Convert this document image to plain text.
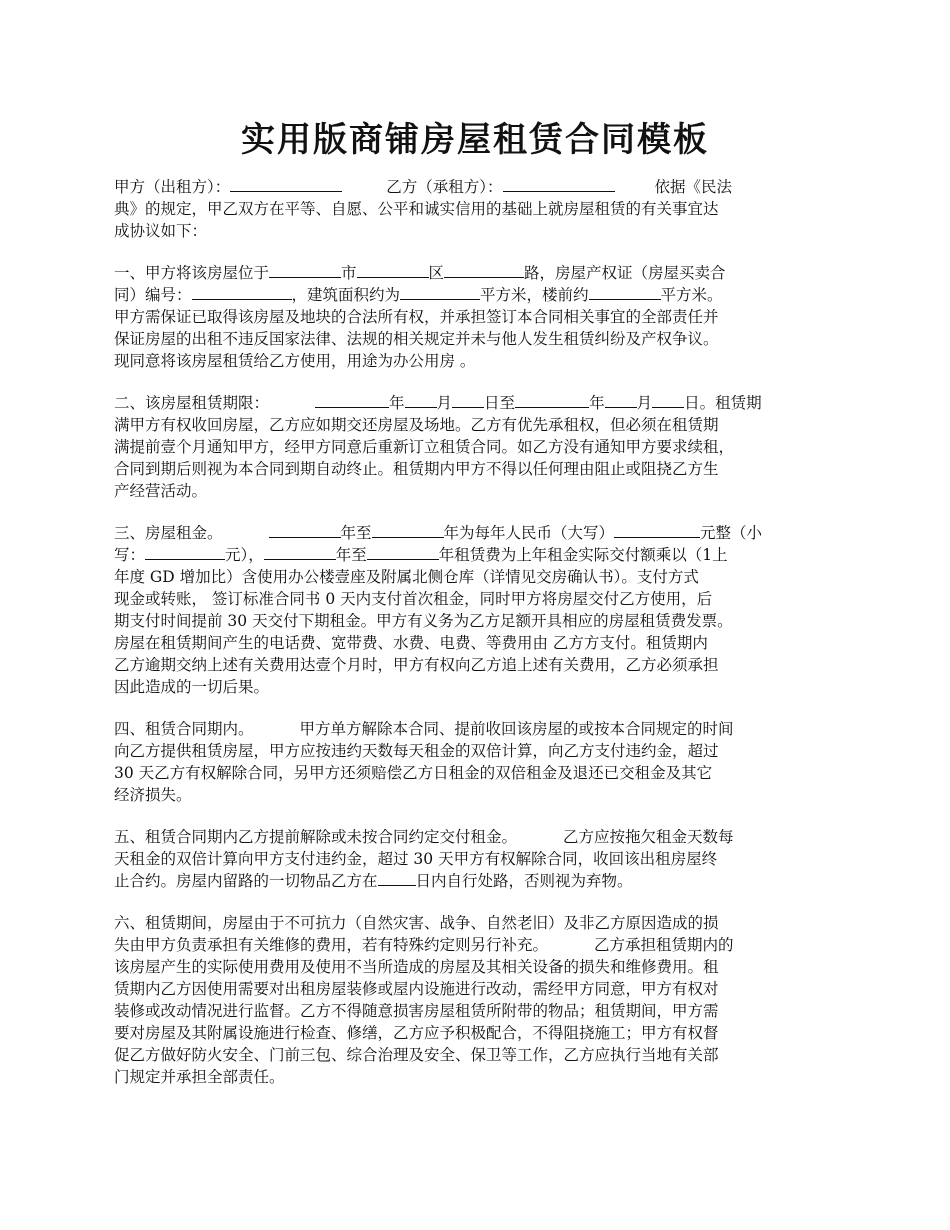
实用版商铺房屋租赁合同模板
甲方（出租方）：	乙方（承租方）：	依据《民法
典》的规定，甲乙双方在平等、自愿、公平和诚实信用的基础上就房屋租赁的有关事宜达
成协议如下：
一、甲方将该房屋位于	市	区	路，房屋产权证（房屋买卖合
同）编号：	，建筑面积约为	平方米，楼前约	平方米。
甲方需保证已取得该房屋及地块的合法所有权，并承担签订本合同相关事宜的全部责任并
保证房屋的出租不违反国家法律、法规的相关规定并未与他人发生租赁纠纷及产权争议。
现同意将该房屋租赁给乙方使用，用途为办公用房 。
二、该房屋租赁期限：	年 月 日至	年 月 日。租赁期
满甲方有权收回房屋，乙方应如期交还房屋及场地。乙方有优先承租权，但必须在租赁期
满提前壹个月通知甲方，经甲方同意后重新订立租赁合同。如乙方没有通知甲方要求续租，
合同到期后则视为本合同到期自动终止。租赁期内甲方不得以任何理由阻止或阻挠乙方生
产经营活动。
三、房屋租金。	年至	年为每年人民币（大写）	元整（小
写：	元），	年至	年租赁费为上年租金实际交付额乘以（1上
年度 GD 增加比）含使用办公楼壹座及附属北侧仓库（详情见交房确认书）。支付方式
现金或转账， 签订标准合同书 0 天内支付首次租金，同时甲方将房屋交付乙方使用，后
期支付时间提前 30 天交付下期租金。甲方有义务为乙方足额开具相应的房屋租赁费发票。
房屋在租赁期间产生的电话费、宽带费、水费、电费、等费用由 乙方方支付。租赁期内
乙方逾期交纳上述有关费用达壹个月时，甲方有权向乙方追上述有关费用，乙方必须承担
因此造成的一切后果。
四、租赁合同期内。	甲方单方解除本合同、提前收回该房屋的或按本合同规定的时间
向乙方提供租赁房屋，甲方应按违约天数每天租金的双倍计算，向乙方支付违约金，超过
30 天乙方有权解除合同，另甲方还须赔偿乙方日租金的双倍租金及退还已交租金及其它
经济损失。
五、租赁合同期内乙方提前解除或未按合同约定交付租金。	乙方应按拖欠租金天数每
天租金的双倍计算向甲方支付违约金，超过 30 天甲方有权解除合同，收回该出租房屋终
止合约。房屋内留路的一切物品乙方在 日内自行处路，否则视为弃物。
六、租赁期间，房屋由于不可抗力（自然灾害、战争、自然老旧）及非乙方原因造成的损
失由甲方负责承担有关维修的费用，若有特殊约定则另行补充。	乙方承担租赁期内的
该房屋产生的实际使用费用及使用不当所造成的房屋及其相关设备的损失和维修费用。租
赁期内乙方因使用需要对出租房屋装修或屋内设施进行改动，需经甲方同意，甲方有权对
装修或改动情况进行监督。乙方不得随意损害房屋租赁所附带的物品；租赁期间，甲方需
要对房屋及其附属设施进行检查、修缮，乙方应予积极配合，不得阻挠施工；甲方有权督
促乙方做好防火安全、门前三包、综合治理及安全、保卫等工作，乙方应执行当地有关部
门规定并承担全部责任。
